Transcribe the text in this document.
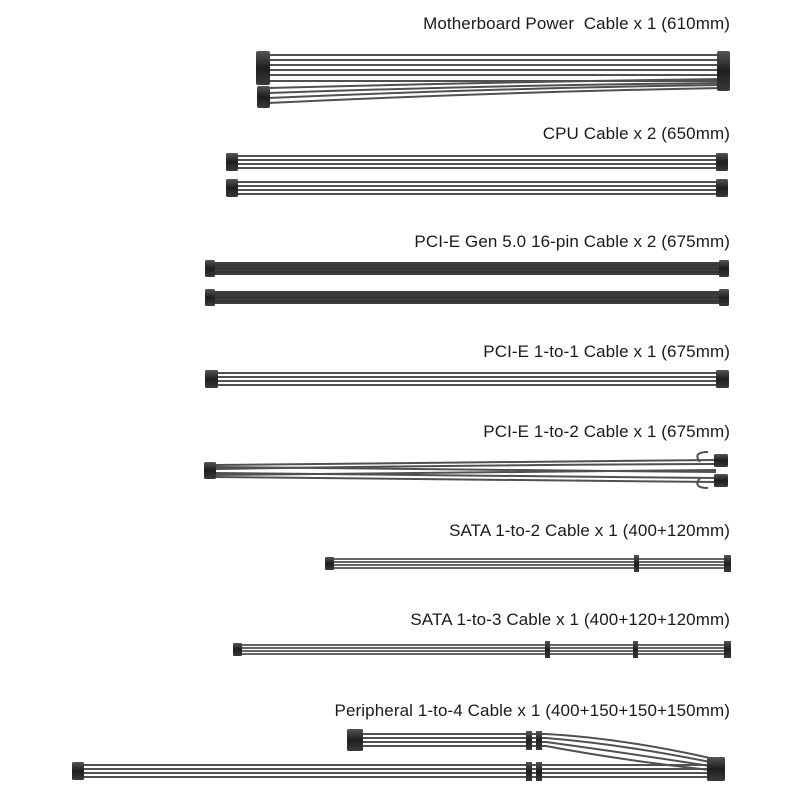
Motherboard Power  Cable x 1 (610mm)
CPU Cable x 2 (650mm)
PCI-E Gen 5.0 16-pin Cable x 2 (675mm)
PCI-E 1-to-1 Cable x 1 (675mm)
PCI-E 1-to-2 Cable x 1 (675mm)
SATA 1-to-2 Cable x 1 (400+120mm)
SATA 1-to-3 Cable x 1 (400+120+120mm)
Peripheral 1-to-4 Cable x 1 (400+150+150+150mm)
